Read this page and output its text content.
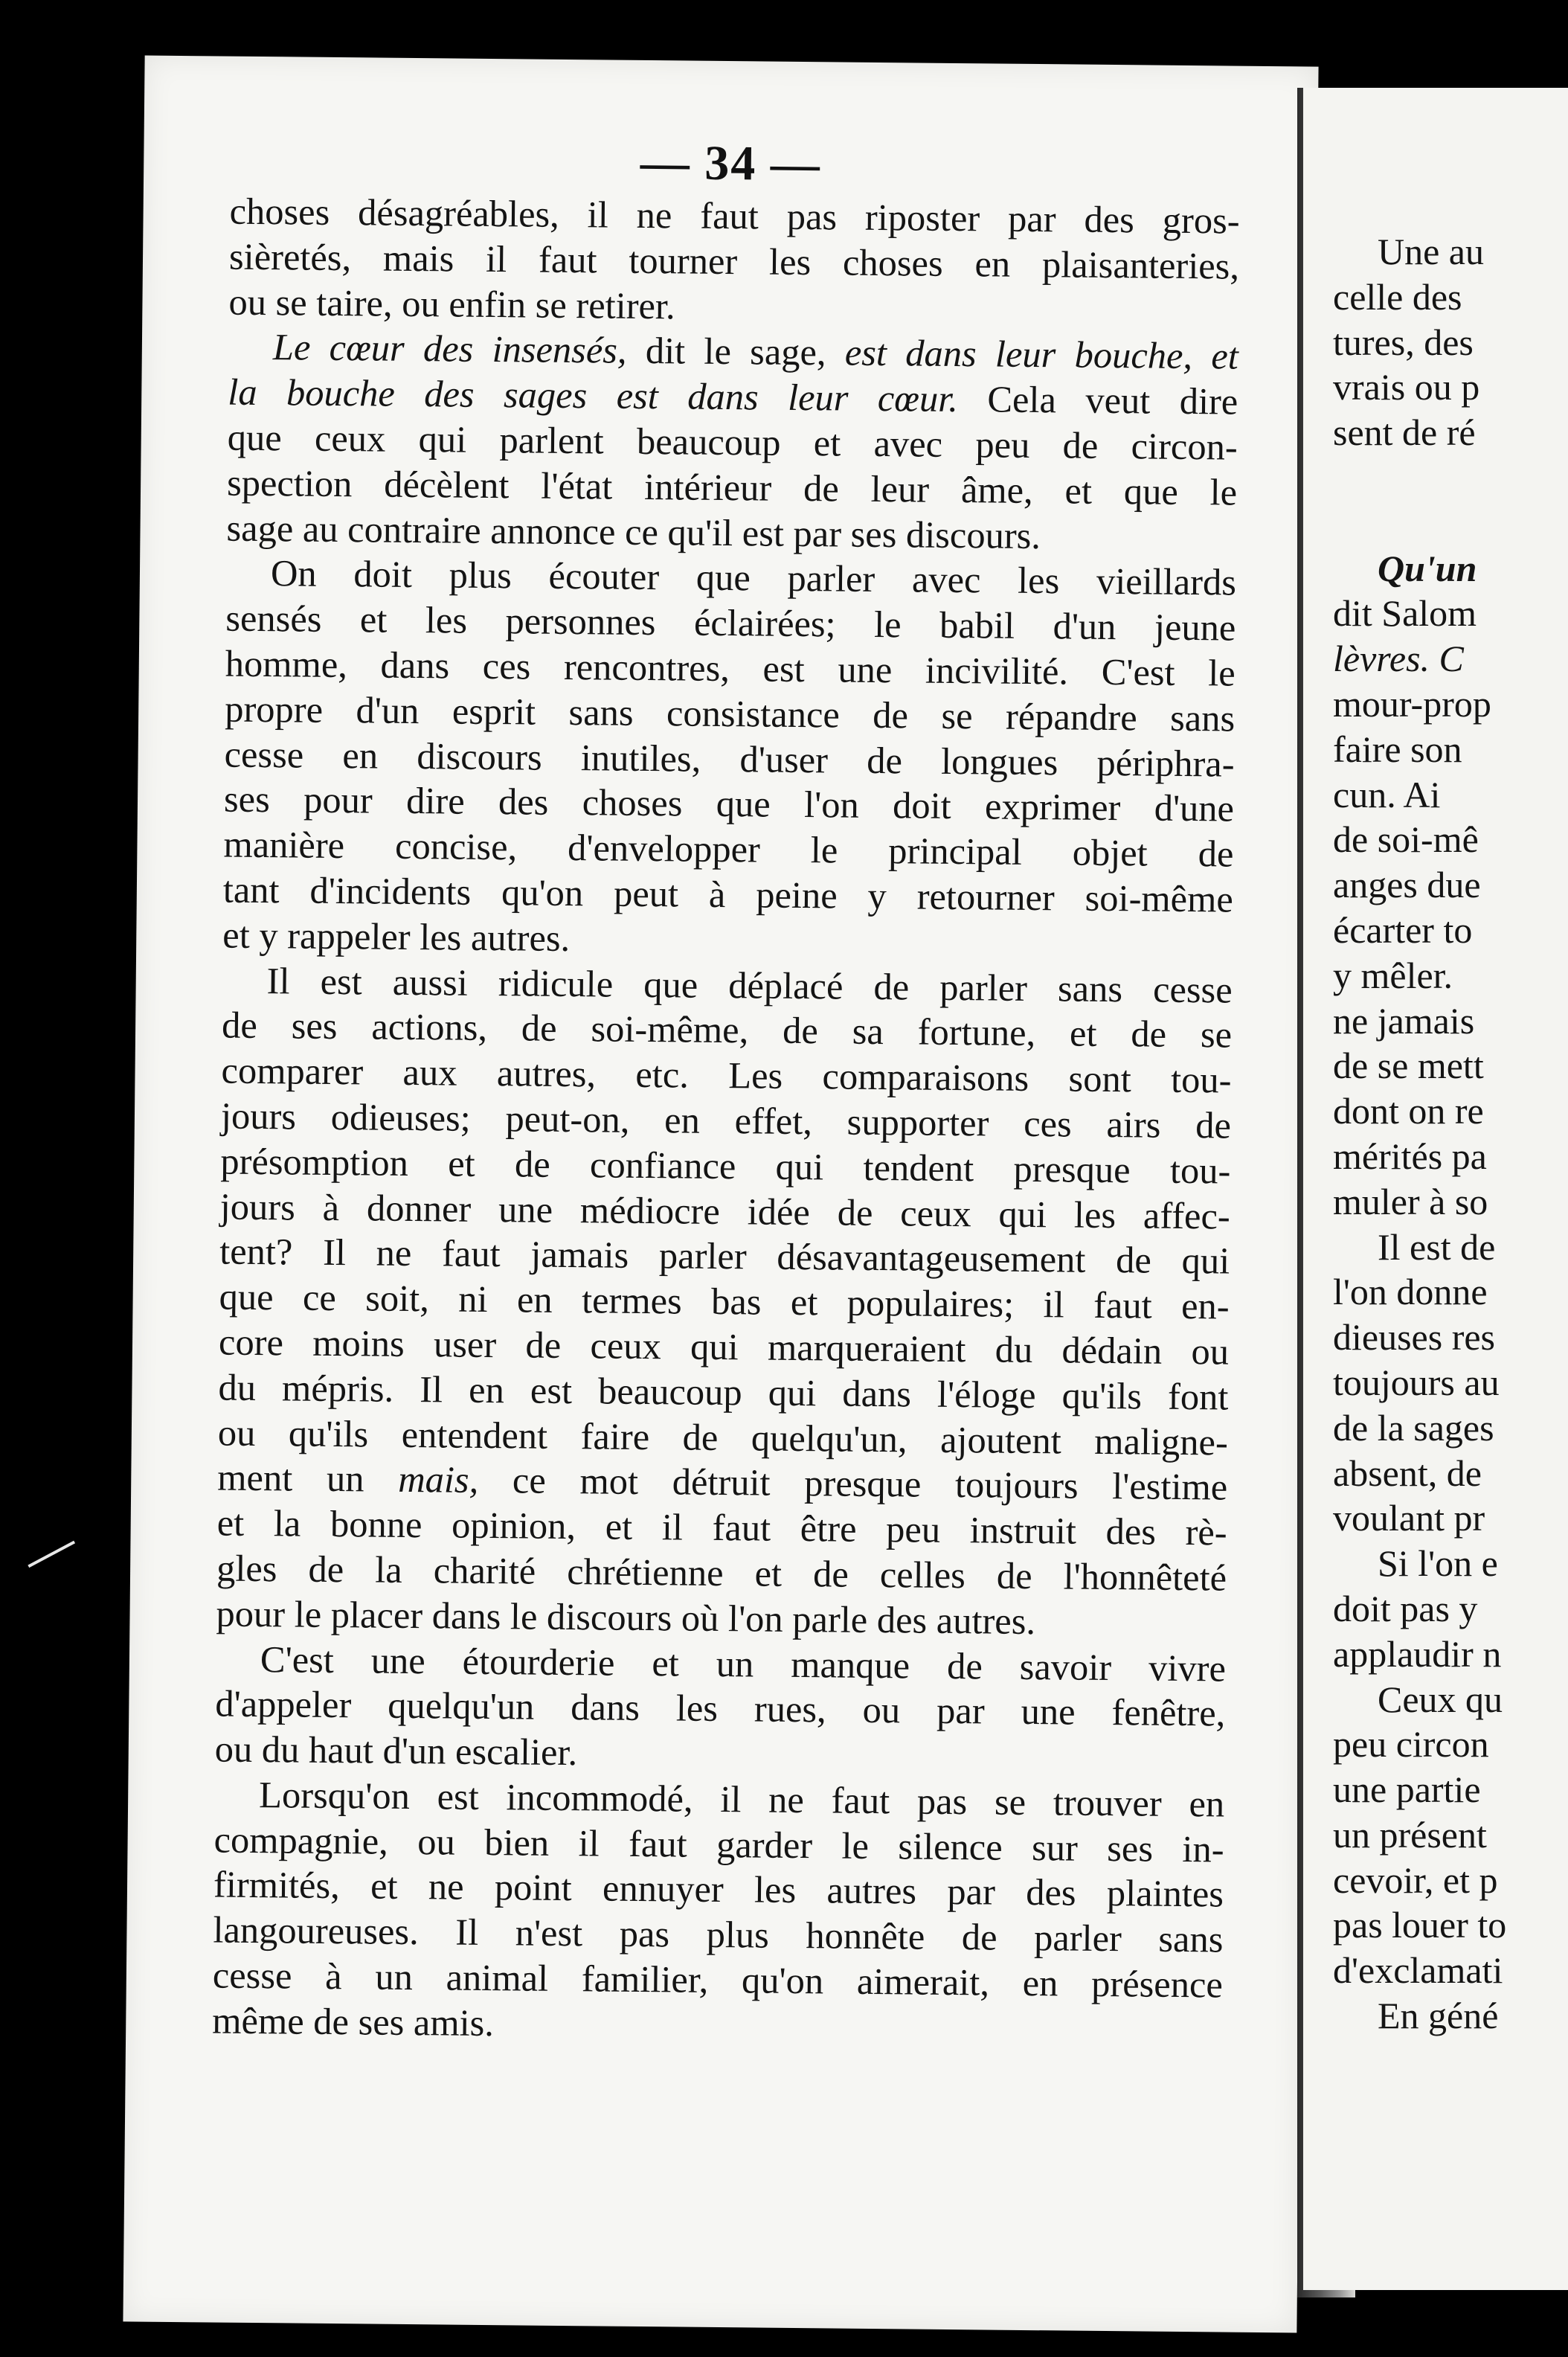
— 34 —
choses désagréables, il ne faut pas riposter par des gros-
sièretés, mais il faut tourner les choses en plaisanteries,
ou se taire, ou enfin se retirer.
Le cœur des insensés, dit le sage, est dans leur bouche, et
la bouche des sages est dans leur cœur. Cela veut dire
que ceux qui parlent beaucoup et avec peu de circon-
spection décèlent l'état intérieur de leur âme, et que le
sage au contraire annonce ce qu'il est par ses discours.
On doit plus écouter que parler avec les vieillards
sensés et les personnes éclairées; le babil d'un jeune
homme, dans ces rencontres, est une incivilité. C'est le
propre d'un esprit sans consistance de se répandre sans
cesse en discours inutiles, d'user de longues périphra-
ses pour dire des choses que l'on doit exprimer d'une
manière concise, d'envelopper le principal objet de
tant d'incidents qu'on peut à peine y retourner soi-même
et y rappeler les autres.
Il est aussi ridicule que déplacé de parler sans cesse
de ses actions, de soi-même, de sa fortune, et de se
comparer aux autres, etc. Les comparaisons sont tou-
jours odieuses; peut-on, en effet, supporter ces airs de
présomption et de confiance qui tendent presque tou-
jours à donner une médiocre idée de ceux qui les affec-
tent? Il ne faut jamais parler désavantageusement de qui
que ce soit, ni en termes bas et populaires; il faut en-
core moins user de ceux qui marqueraient du dédain ou
du mépris. Il en est beaucoup qui dans l'éloge qu'ils font
ou qu'ils entendent faire de quelqu'un, ajoutent maligne-
ment un mais, ce mot détruit presque toujours l'estime
et la bonne opinion, et il faut être peu instruit des rè-
gles de la charité chrétienne et de celles de l'honnêteté
pour le placer dans le discours où l'on parle des autres.
C'est une étourderie et un manque de savoir vivre
d'appeler quelqu'un dans les rues, ou par une fenêtre,
ou du haut d'un escalier.
Lorsqu'on est incommodé, il ne faut pas se trouver en
compagnie, ou bien il faut garder le silence sur ses in-
firmités, et ne point ennuyer les autres par des plaintes
langoureuses. Il n'est pas plus honnête de parler sans
cesse à un animal familier, qu'on aimerait, en présence
même de ses amis.
Une au
celle des
tures, des
vrais ou p
sent de ré
Qu'un
dit Salom
lèvres. C
mour-prop
faire son
cun. Ai
de soi-mê
anges due
écarter to
y mêler.
ne jamais
de se mett
dont on re
mérités pa
muler à so
Il est de
l'on donne
dieuses res
toujours au
de la sages
absent, de
voulant pr
Si l'on e
doit pas y
applaudir n
Ceux qu
peu circon
une partie
un présent
cevoir, et p
pas louer to
d'exclamati
En géné
